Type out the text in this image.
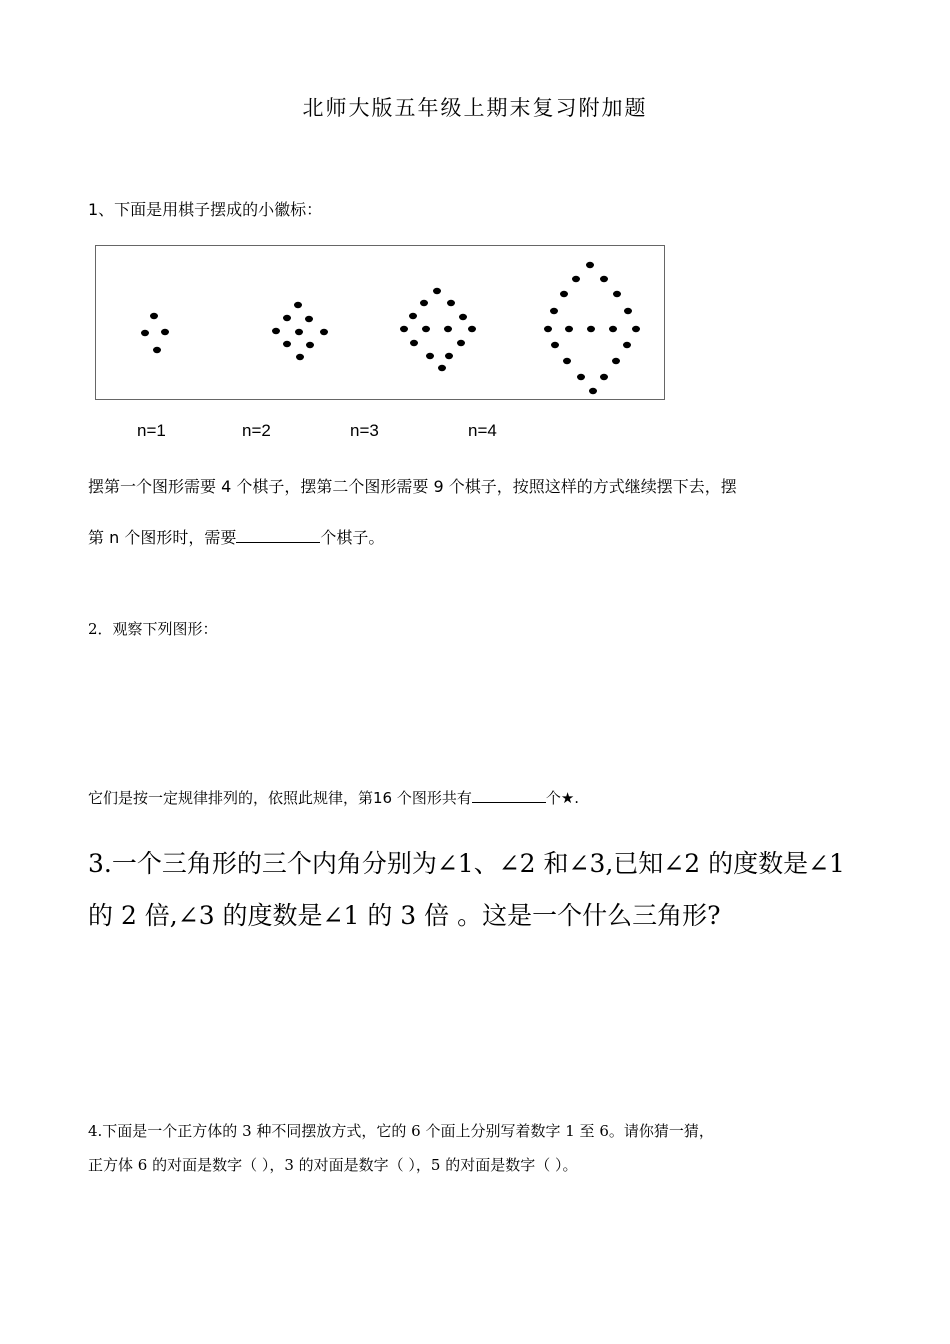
北师大版五年级上期末复习附加题
1、下面是用棋子摆成的小徽标：
n=1	n=2	n=3	n=4
摆第一个图形需要 4 个棋子，摆第二个图形需要 9 个棋子，按照这样的方式继续摆下去，摆
第 n 个图形时，需要	个棋子。
2．观察下列图形：
它们是按一定规律排列的，依照此规律，第16 个图形共有	个★.
3.一个三角形的三个内角分别为∠1、∠2 和∠3,已知∠2 的度数是∠1
的 2 倍,∠3 的度数是∠1 的 3 倍 。这是一个什么三角形?
4.下面是一个正方体的 3 种不同摆放方式，它的 6 个面上分别写着数字 1 至 6。请你猜一猜，
正方体 6 的对面是数字（ ），3 的对面是数字（ ），5 的对面是数字（ ）。
